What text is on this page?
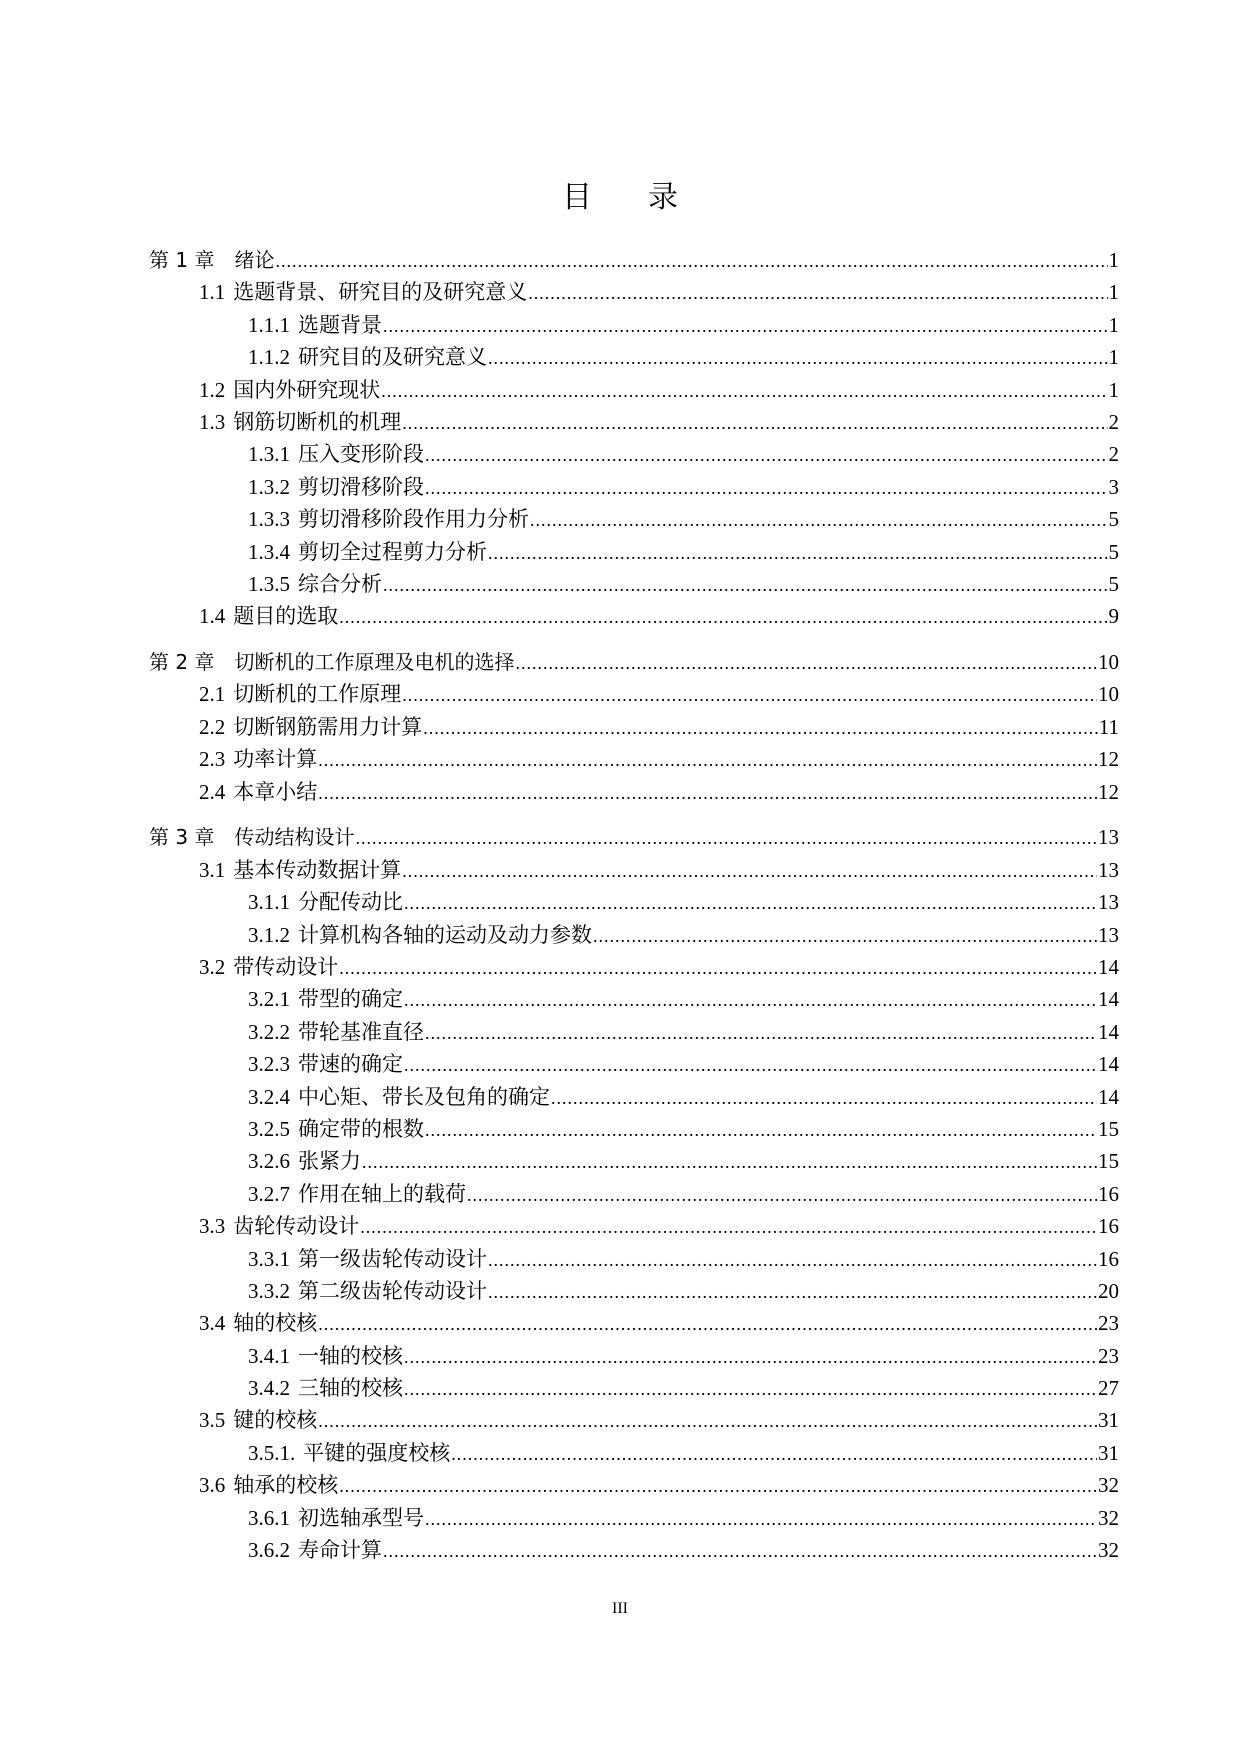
目 录
第 1 章 绪论 .....	1
1.1 选题背景、研究目的及研究意义 .....	1
1.1.1 选题背景 .....	1
1.1.2 研究目的及研究意义 .....	1
1.2 国内外研究现状 .....	1
1.3 钢筋切断机的机理 .....	2
1.3.1 压入变形阶段 .....	2
1.3.2 剪切滑移阶段 .....	3
1.3.3 剪切滑移阶段作用力分析 .....	5
1.3.4 剪切全过程剪力分析 .....	5
1.3.5 综合分析 .....	5
1.4 题目的选取 .....	9
第 2 章 切断机的工作原理及电机的选择 .....	10
2.1 切断机的工作原理 .....	10
2.2 切断钢筋需用力计算 .....	11
2.3 功率计算 .....	12
2.4 本章小结 .....	12
第 3 章 传动结构设计 .....	13
3.1 基本传动数据计算 .....	13
3.1.1 分配传动比 .....	13
3.1.2 计算机构各轴的运动及动力参数 .....	13
3.2 带传动设计 .....	14
3.2.1 带型的确定 .....	14
3.2.2 带轮基准直径 .....	14
3.2.3 带速的确定 .....	14
3.2.4 中心矩、带长及包角的确定 .....	14
3.2.5 确定带的根数 .....	15
3.2.6 张紧力 .....	15
3.2.7 作用在轴上的载荷 .....	16
3.3 齿轮传动设计 .....	16
3.3.1 第一级齿轮传动设计 .....	16
3.3.2 第二级齿轮传动设计 .....	20
3.4 轴的校核 .....	23
3.4.1 一轴的校核 .....	23
3.4.2 三轴的校核 .....	27
3.5 键的校核 .....	31
3.5.1. 平键的强度校核 .....	31
3.6 轴承的校核 .....	32
3.6.1 初选轴承型号 .....	32
3.6.2 寿命计算 .....	32
III
